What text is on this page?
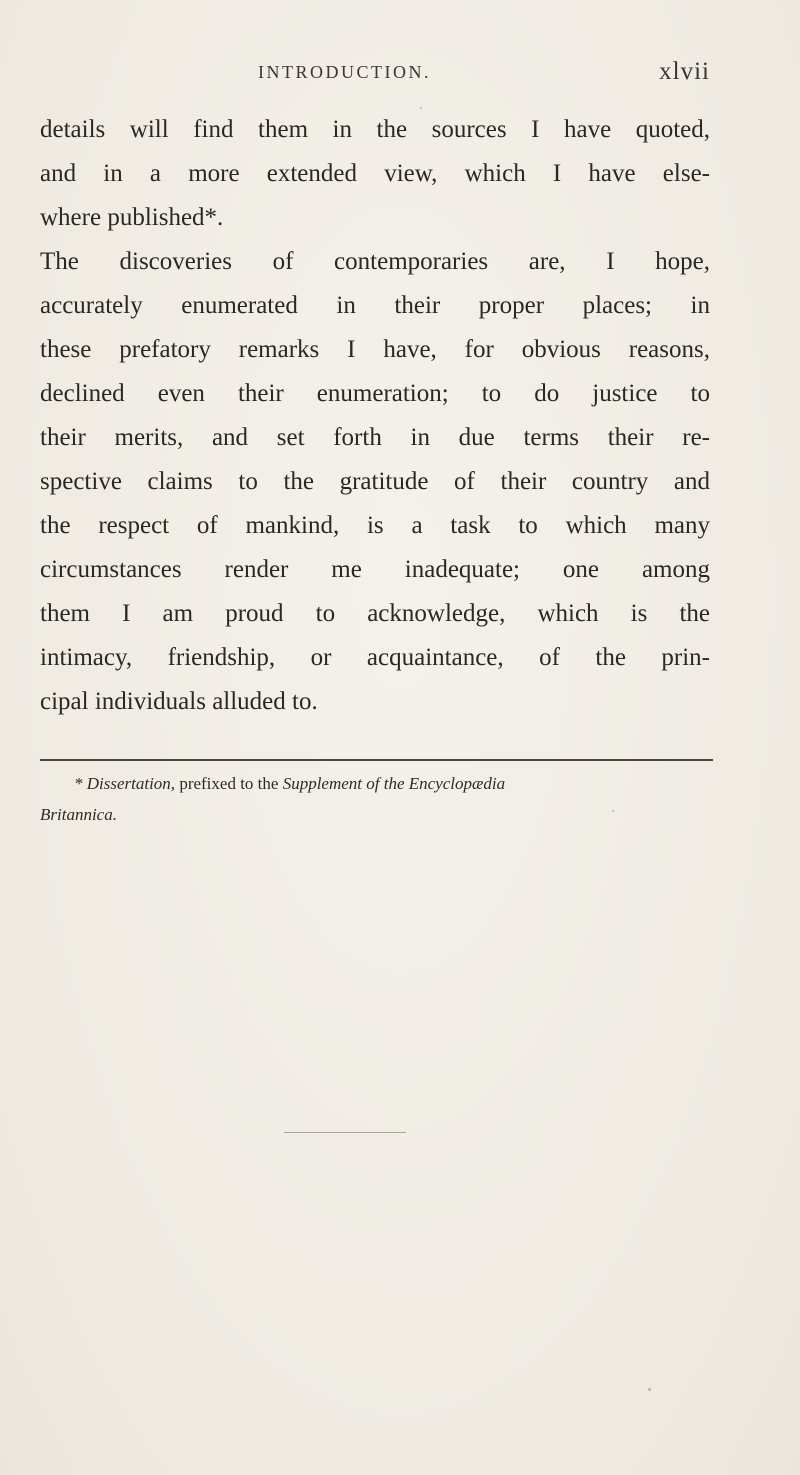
INTRODUCTION.	xlvii
details will find them in the sources I have quoted,
and in a more extended view, which I have else-
where published*.
The discoveries of contemporaries are, I hope,
accurately enumerated in their proper places; in
these prefatory remarks I have, for obvious reasons,
declined even their enumeration; to do justice to
their merits, and set forth in due terms their re-
spective claims to the gratitude of their country and
the respect of mankind, is a task to which many
circumstances render me inadequate; one among
them I am proud to acknowledge, which is the
intimacy, friendship, or acquaintance, of the prin-
cipal individuals alluded to.
* Dissertation, prefixed to the Supplement of the Encyclopædia
Britannica.
